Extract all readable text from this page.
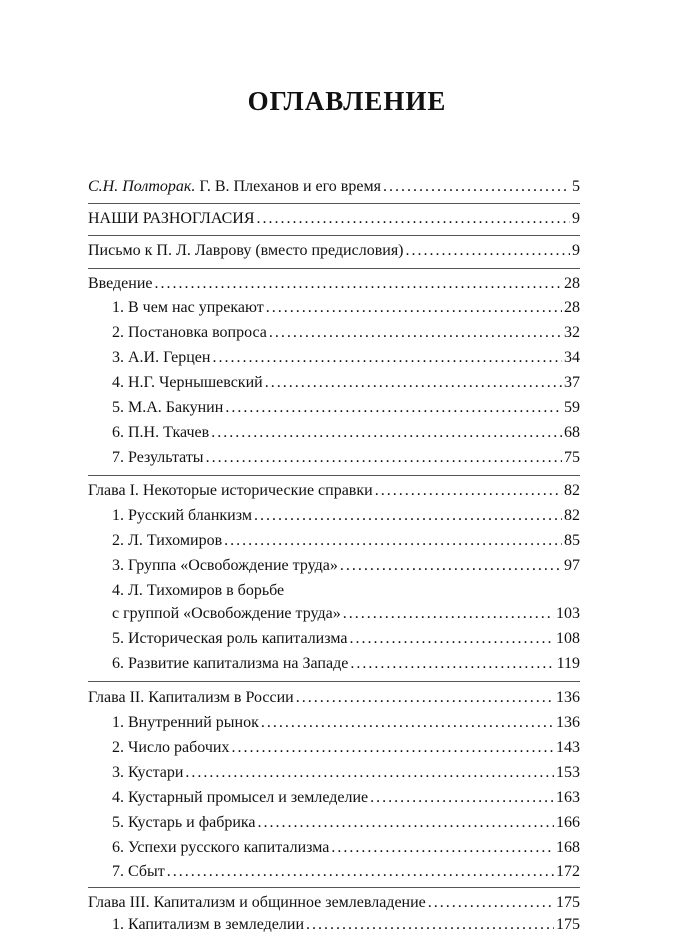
ОГЛАВЛЕНИЕ
С.Н. Полторак. Г. В. Плеханов и его время . . .	5
НАШИ РАЗНОГЛАСИЯ . . .	9
Письмо к П. Л. Лаврову (вместо предисловия) . . .	9
Введение . . .	28
1. В чем нас упрекают . . .	28
2. Постановка вопроса . . .	32
3. А.И. Герцен . . .	34
4. Н.Г. Чернышевский . . .	37
5. М.А. Бакунин . . .	59
6. П.Н. Ткачев . . .	68
7. Результаты . . .	75
Глава I. Некоторые исторические справки . . .	82
1. Русский бланкизм . . .	82
2. Л. Тихомиров . . .	85
3. Группа «Освобождение труда» . . .	97
4. Л. Тихомиров в борьбе
с группой «Освобождение труда» . . .	103
5. Историческая роль капитализма . . .	108
6. Развитие капитализма на Западе . . .	119
Глава II. Капитализм в России . . .	136
1. Внутренний рынок . . .	136
2. Число рабочих . . .	143
3. Кустари . . .	153
4. Кустарный промысел и земледелие . . .	163
5. Кустарь и фабрика . . .	166
6. Успехи русского капитализма . . .	168
7. Сбыт . . .	172
Глава III. Капитализм и общинное землевладение . . .	175
1. Капитализм в земледелии . . .	175
